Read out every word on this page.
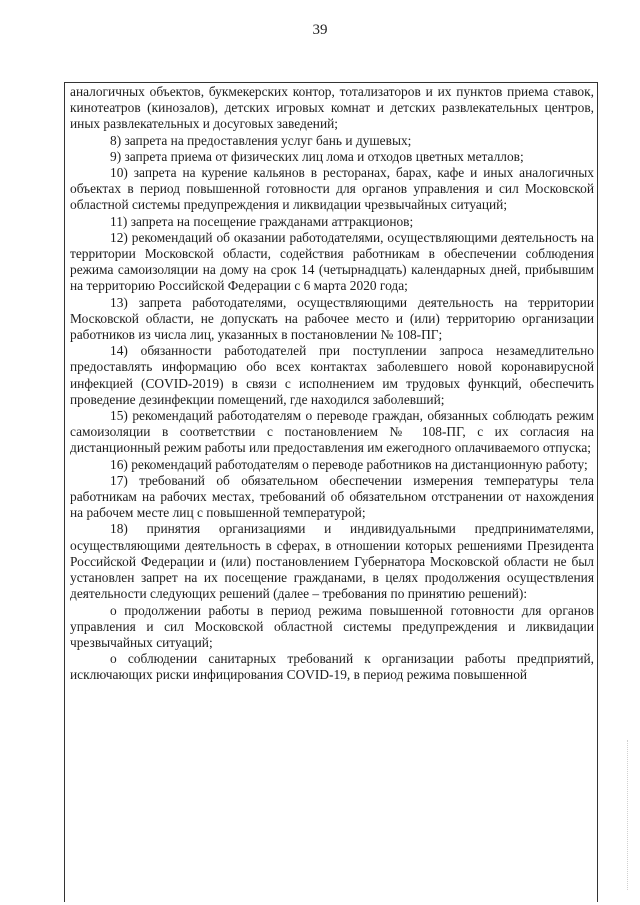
39

аналогичных объектов, букмекерских контор, тотализаторов и их пунктов приема ставок, кинотеатров (кинозалов), детских игровых комнат и детских развлекательных центров, иных развлекательных и досуговых заведений;

8) запрета на предоставления услуг бань и душевых;

9) запрета приема от физических лиц лома и отходов цветных металлов;

10) запрета на курение кальянов в ресторанах, барах, кафе и иных аналогичных объектах в период повышенной готовности для органов управления и сил Московской областной системы предупреждения и ликвидации чрезвычайных ситуаций;

11) запрета на посещение гражданами аттракционов;

12) рекомендаций об оказании работодателями, осуществляющими деятельность на территории Московской области, содействия работникам в обеспечении соблюдения режима самоизоляции на дому на срок 14 (четырнадцать) календарных дней, прибывшим на территорию Российской Федерации с 6 марта 2020 года;

13) запрета работодателями, осуществляющими деятельность на территории Московской области, не допускать на рабочее место и (или) территорию организации работников из числа лиц, указанных в постановлении № 108-ПГ;

14) обязанности работодателей при поступлении запроса незамедлительно предоставлять информацию обо всех контактах заболевшего новой коронавирусной инфекцией (COVID-2019) в связи с исполнением им трудовых функций, обеспечить проведение дезинфекции помещений, где находился заболевший;

15) рекомендаций работодателям о переводе граждан, обязанных соблюдать режим самоизоляции в соответствии с постановлением № 108-ПГ, с их согласия на дистанционный режим работы или предоставления им ежегодного оплачиваемого отпуска;

16) рекомендаций работодателям о переводе работников на дистанционную работу;

17) требований об обязательном обеспечении измерения температуры тела работникам на рабочих местах, требований об обязательном отстранении от нахождения на рабочем месте лиц с повышенной температурой;

18) принятия организациями и индивидуальными предпринимателями, осуществляющими деятельность в сферах, в отношении которых решениями Президента Российской Федерации и (или) постановлением Губернатора Московской области не был установлен запрет на их посещение гражданами, в целях продолжения осуществления деятельности следующих решений (далее – требования по принятию решений):

о продолжении работы в период режима повышенной готовности для органов управления и сил Московской областной системы предупреждения и ликвидации чрезвычайных ситуаций;

о соблюдении санитарных требований к организации работы предприятий, исключающих риски инфицирования COVID-19, в период режима повышенной
